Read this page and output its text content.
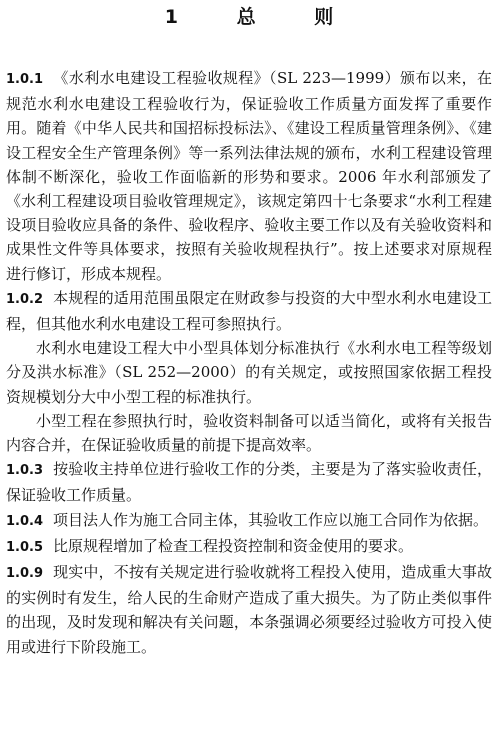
1 总 则

1.0.1 《水利水电建设工程验收规程》（SL 223—1999）颁布以来，在规范水利水电建设工程验收行为，保证验收工作质量方面发挥了重要作用。随着《中华人民共和国招标投标法》、《建设工程质量管理条例》、《建设工程安全生产管理条例》等一系列法律法规的颁布，水利工程建设管理体制不断深化，验收工作面临新的形势和要求。2006 年水利部颁发了《水利工程建设项目验收管理规定》，该规定第四十七条要求“水利工程建设项目验收应具备的条件、验收程序、验收主要工作以及有关验收资料和成果性文件等具体要求，按照有关验收规程执行”。按上述要求对原规程进行修订，形成本规程。

1.0.2 本规程的适用范围虽限定在财政参与投资的大中型水利水电建设工程，但其他水利水电建设工程可参照执行。

水利水电建设工程大中小型具体划分标准执行《水利水电工程等级划分及洪水标准》（SL 252—2000）的有关规定，或按照国家依据工程投资规模划分大中小型工程的标准执行。

小型工程在参照执行时，验收资料制备可以适当简化，或将有关报告内容合并，在保证验收质量的前提下提高效率。

1.0.3 按验收主持单位进行验收工作的分类，主要是为了落实验收责任，保证验收工作质量。

1.0.4 项目法人作为施工合同主体，其验收工作应以施工合同作为依据。

1.0.5 比原规程增加了检查工程投资控制和资金使用的要求。

1.0.9 现实中，不按有关规定进行验收就将工程投入使用，造成重大事故的实例时有发生，给人民的生命财产造成了重大损失。为了防止类似事件的出现，及时发现和解决有关问题，本条强调必须要经过验收方可投入使用或进行下阶段施工。
